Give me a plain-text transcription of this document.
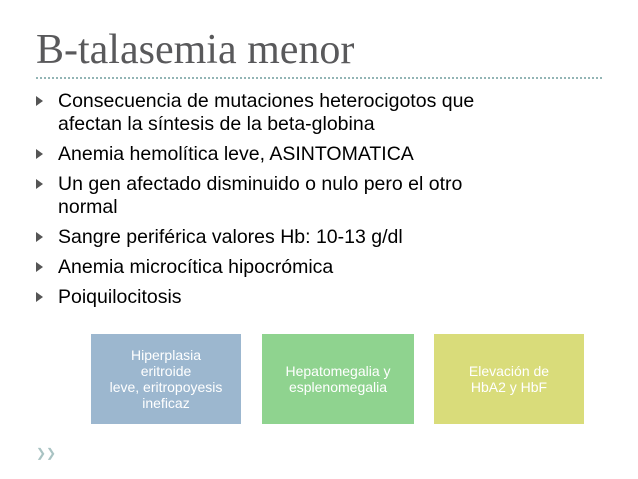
B-talasemia menor
Consecuencia de mutaciones heterocigotos que
afectan la síntesis de la beta-globina
Anemia hemolítica leve, ASINTOMATICA
Un gen afectado disminuido o nulo pero el otro
normal
Sangre periférica valores Hb: 10-13 g/dl
Anemia microcítica hipocrómica
Poiquilocitosis
Hiperplasia
eritroide
leve, eritropoyesis
ineficaz
Hepatomegalia y
esplenomegalia
Elevación de
HbA2 y HbF
❯❯
